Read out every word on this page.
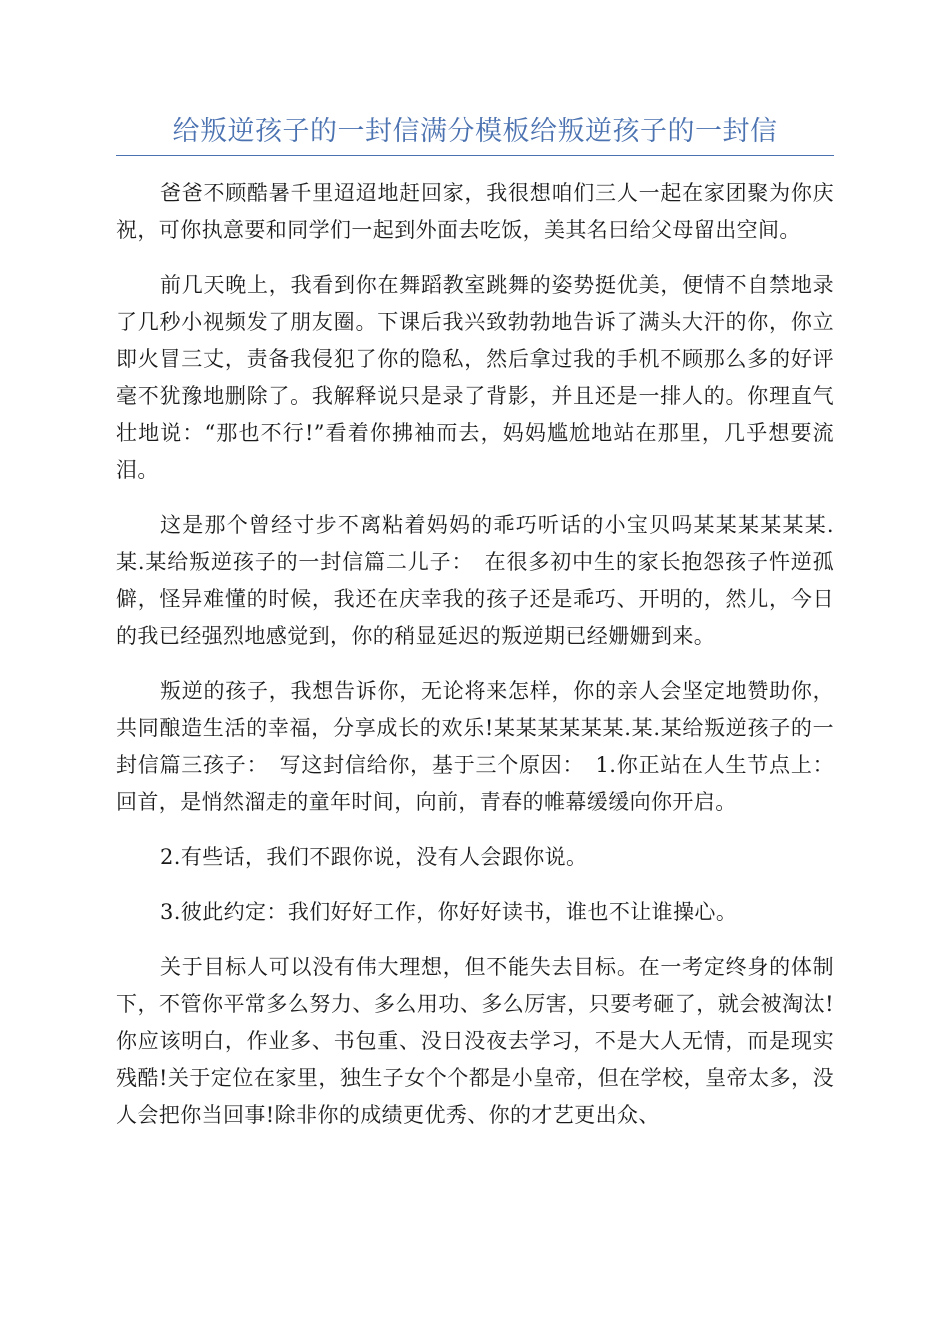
给叛逆孩子的一封信满分模板给叛逆孩子的一封信

爸爸不顾酷暑千里迢迢地赶回家，我很想咱们三人一起在家团聚为你庆祝，可你执意要和同学们一起到外面去吃饭，美其名曰给父母留出空间。

前几天晚上，我看到你在舞蹈教室跳舞的姿势挺优美，便情不自禁地录了几秒小视频发了朋友圈。下课后我兴致勃勃地告诉了满头大汗的你，你立即火冒三丈，责备我侵犯了你的隐私，然后拿过我的手机不顾那么多的好评毫不犹豫地删除了。我解释说只是录了背影，并且还是一排人的。你理直气壮地说：“那也不行!”看着你拂袖而去，妈妈尴尬地站在那里，几乎想要流泪。

这是那个曾经寸步不离粘着妈妈的乖巧听话的小宝贝吗某某某某某某.某.某给叛逆孩子的一封信篇二儿子：　在很多初中生的家长抱怨孩子忤逆孤僻，怪异难懂的时候，我还在庆幸我的孩子还是乖巧、开明的，然儿，今日的我已经强烈地感觉到，你的稍显延迟的叛逆期已经姗姗到来。

叛逆的孩子，我想告诉你，无论将来怎样，你的亲人会坚定地赞助你，共同酿造生活的幸福，分享成长的欢乐!某某某某某某.某.某给叛逆孩子的一封信篇三孩子：　写这封信给你，基于三个原因：　1.你正站在人生节点上：回首，是悄然溜走的童年时间，向前，青春的帷幕缓缓向你开启。

2.有些话，我们不跟你说，没有人会跟你说。

3.彼此约定：我们好好工作，你好好读书，谁也不让谁操心。

关于目标人可以没有伟大理想，但不能失去目标。在一考定终身的体制下，不管你平常多么努力、多么用功、多么厉害，只要考砸了，就会被淘汰!你应该明白，作业多、书包重、没日没夜去学习，不是大人无情，而是现实残酷!关于定位在家里，独生子女个个都是小皇帝，但在学校，皇帝太多，没人会把你当回事!除非你的成绩更优秀、你的才艺更出众、
